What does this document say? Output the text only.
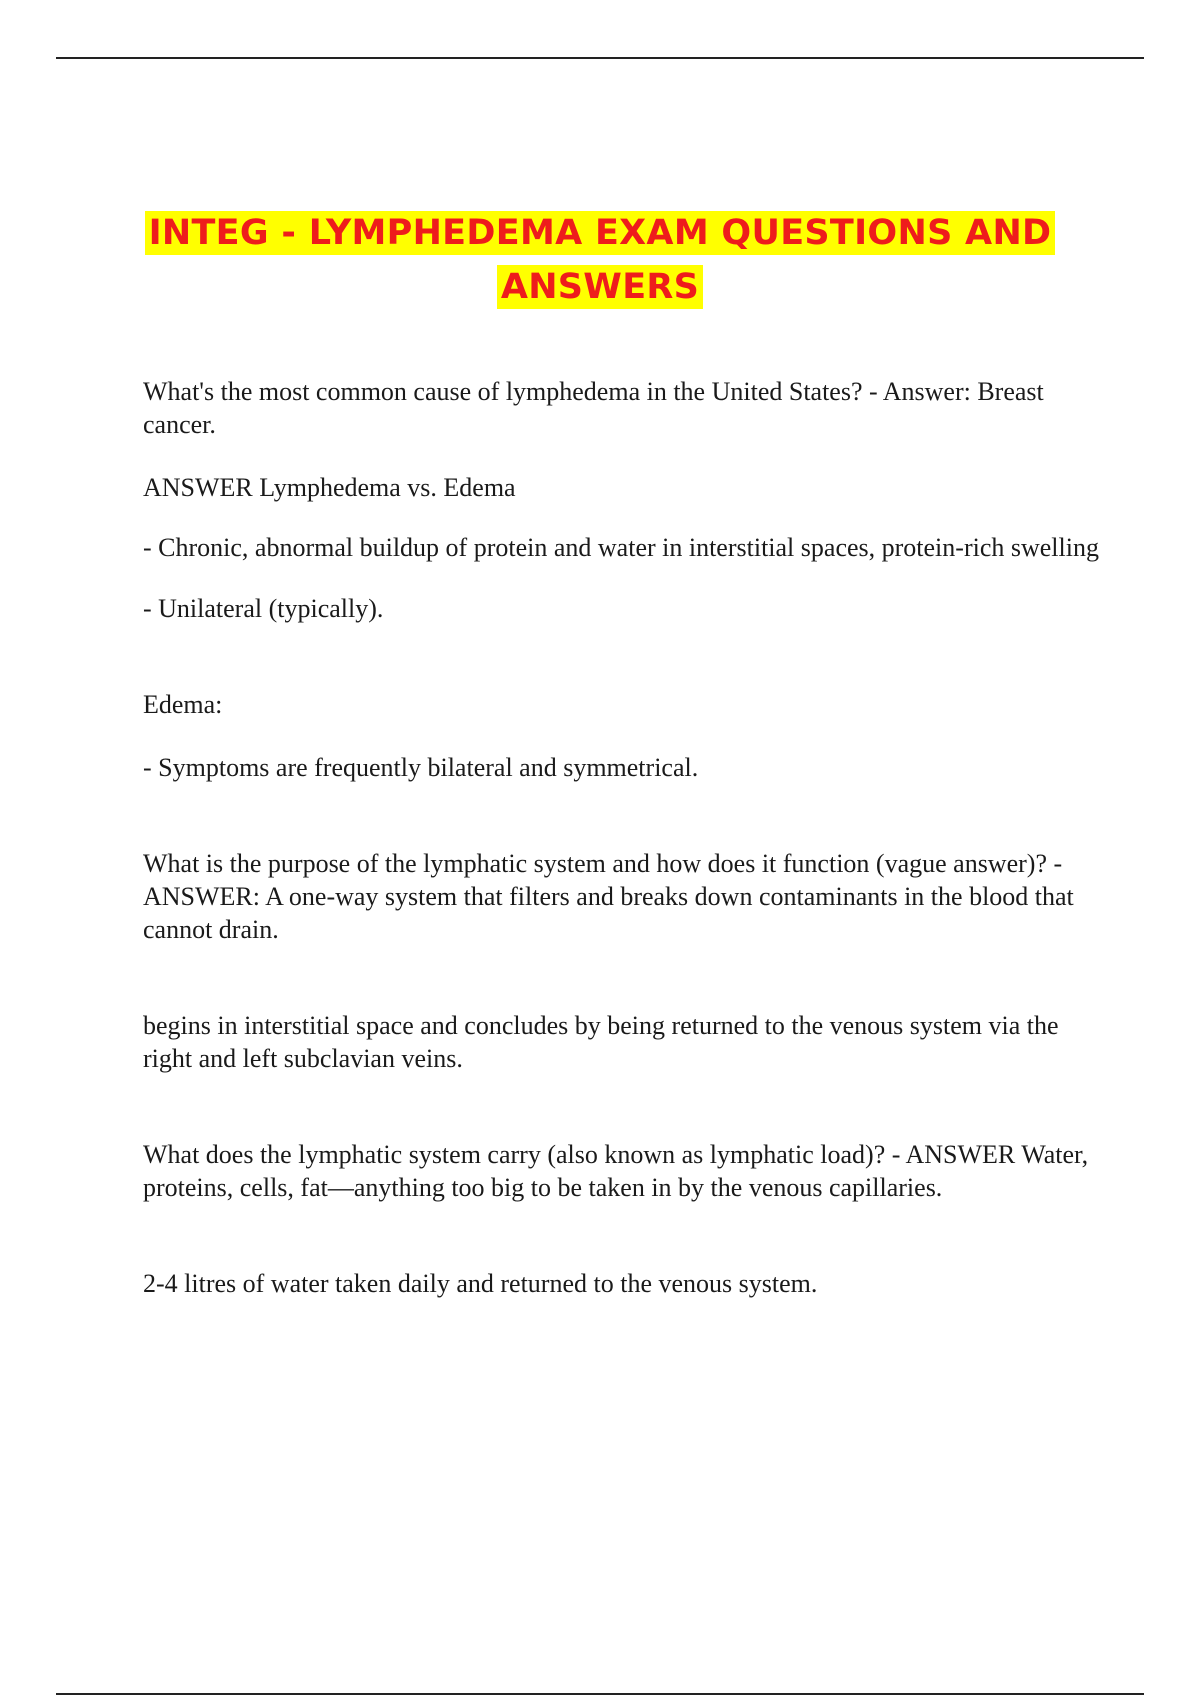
INTEG - LYMPHEDEMA EXAM QUESTIONS AND
ANSWERS

What's the most common cause of lymphedema in the United States? - Answer: Breast cancer.

ANSWER Lymphedema vs. Edema

- Chronic, abnormal buildup of protein and water in interstitial spaces, protein-rich swelling

- Unilateral (typically).

Edema:

- Symptoms are frequently bilateral and symmetrical.

What is the purpose of the lymphatic system and how does it function (vague answer)? - ANSWER: A one-way system that filters and breaks down contaminants in the blood that cannot drain.

begins in interstitial space and concludes by being returned to the venous system via the right and left subclavian veins.

What does the lymphatic system carry (also known as lymphatic load)? - ANSWER Water, proteins, cells, fat—anything too big to be taken in by the venous capillaries.

2-4 litres of water taken daily and returned to the venous system.
